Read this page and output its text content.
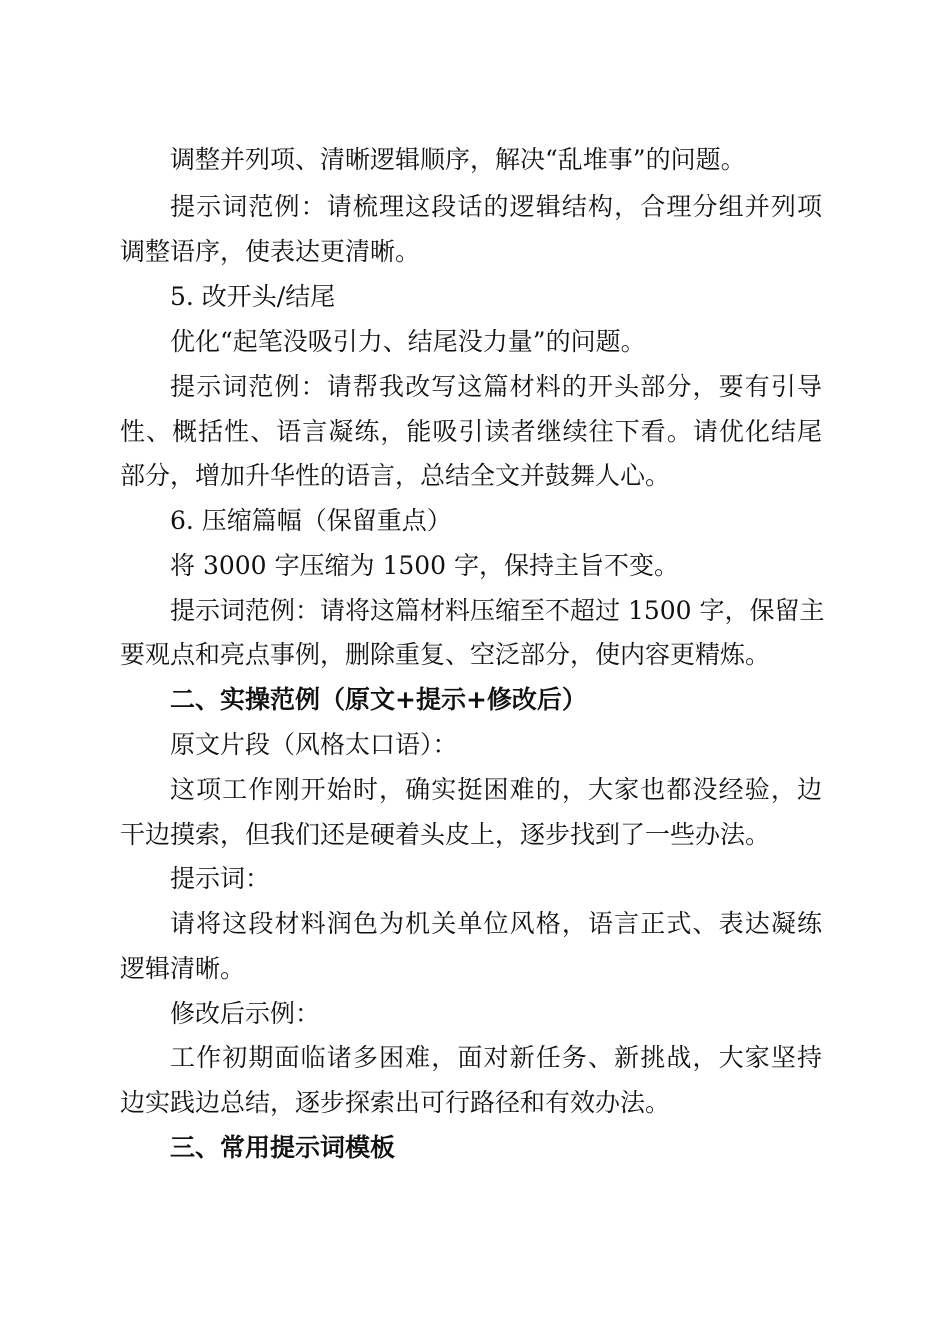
调整并列项、清晰逻辑顺序，解决“乱堆事”的问题。
提示词范例：请梳理这段话的逻辑结构，合理分组并列项
调整语序，使表达更清晰。
5. 改开头/结尾
优化“起笔没吸引力、结尾没力量”的问题。
提示词范例：请帮我改写这篇材料的开头部分，要有引导
性、概括性、语言凝练，能吸引读者继续往下看。请优化结尾
部分，增加升华性的语言，总结全文并鼓舞人心。
6. 压缩篇幅（保留重点）
将 3000 字压缩为 1500 字，保持主旨不变。
提示词范例：请将这篇材料压缩至不超过 1500 字，保留主
要观点和亮点事例，删除重复、空泛部分，使内容更精炼。
二、实操范例（原文+提示+修改后）
原文片段（风格太口语）：
这项工作刚开始时，确实挺困难的，大家也都没经验，边
干边摸索，但我们还是硬着头皮上，逐步找到了一些办法。
提示词：
请将这段材料润色为机关单位风格，语言正式、表达凝练
逻辑清晰。
修改后示例：
工作初期面临诸多困难，面对新任务、新挑战，大家坚持
边实践边总结，逐步探索出可行路径和有效办法。
三、常用提示词模板
